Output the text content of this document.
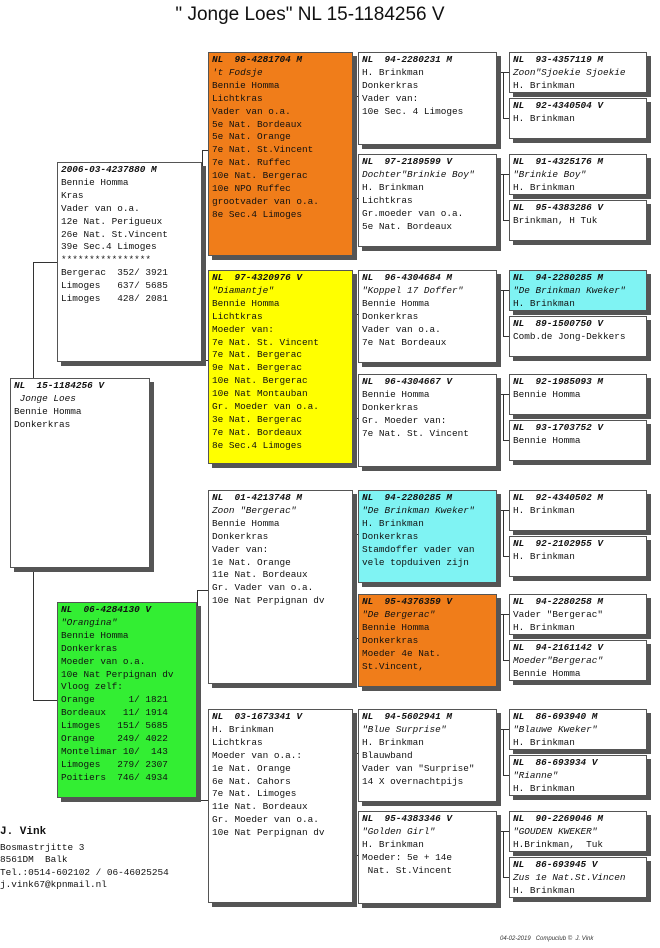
" Jonge Loes" NL 15-1184256 V
NL  15-1184256 V
Jonge Loes
Bennie Homma
Donkerkras
2006-03-4237880 M
Bennie Homma
Kras
Vader van o.a.
12e Nat. Perigueux
26e Nat. St.Vincent
39e Sec.4 Limoges
****************
Bergerac  352/ 3921
Limoges   637/ 5685
Limoges   428/ 2081
NL  06-4284130 V
"Orangina"
Bennie Homma
Donkerkras
Moeder van o.a.
10e Nat Perpignan dv
Vloog zelf:
Orange      1/ 1821
Bordeaux   11/ 1914
Limoges   151/ 5685
Orange    249/ 4022
Montelimar 10/  143
Limoges   279/ 2307
Poitiers  746/ 4934
NL  98-4281704 M
't Fodsje
Bennie Homma
Lichtkras
Vader van o.a.
5e Nat. Bordeaux
5e Nat. Orange
7e Nat. St.Vincent
7e Nat. Ruffec
10e Nat. Bergerac
10e NPO Ruffec
grootvader van o.a.
8e Sec.4 Limoges
NL  97-4320976 V
"Diamantje"
Bennie Homma
Lichtkras
Moeder van:
7e Nat. St. Vincent
7e Nat. Bergerac
9e Nat. Bergerac
10e Nat. Bergerac
10e Nat Montauban
Gr. Moeder van o.a.
3e Nat. Bergerac
7e Nat. Bordeaux
8e Sec.4 Limoges
NL  01-4213748 M
Zoon "Bergerac"
Bennie Homma
Donkerkras
Vader van:
1e Nat. Orange
11e Nat. Bordeaux
Gr. Vader van o.a.
10e Nat Perpignan dv
NL  03-1673341 V
H. Brinkman
Lichtkras
Moeder van o.a.:
1e Nat. Orange
6e Nat. Cahors
7e Nat. Limoges
11e Nat. Bordeaux
Gr. Moeder van o.a.
10e Nat Perpignan dv
NL  94-2280231 M
H. Brinkman
Donkerkras
Vader van:
10e Sec. 4 Limoges
NL  97-2189599 V
Dochter"Brinkie Boy"
H. Brinkman
Lichtkras
Gr.moeder van o.a.
5e Nat. Bordeaux
NL  96-4304684 M
"Koppel 17 Doffer"
Bennie Homma
Donkerkras
Vader van o.a.
7e Nat Bordeaux
NL  96-4304667 V
Bennie Homma
Donkerkras
Gr. Moeder van:
7e Nat. St. Vincent
NL  94-2280285 M
"De Brinkman Kweker"
H. Brinkman
Donkerkras
Stamdoffer vader van
vele topduiven zijn
NL  95-4376359 V
"De Bergerac"
Bennie Homma
Donkerkras
Moeder 4e Nat.
St.Vincent,
NL  94-5602941 M
"Blue Surprise"
H. Brinkman
Blauwband
Vader van "Surprise"
14 X overnachtpijs
NL  95-4383346 V
"Golden Girl"
H. Brinkman
Moeder: 5e + 14e
Nat. St.Vincent
NL  93-4357119 M
Zoon"Sjoekie Sjoekie
H. Brinkman
NL  92-4340504 V
H. Brinkman
NL  91-4325176 M
"Brinkie Boy"
H. Brinkman
NL  95-4383286 V
Brinkman, H Tuk
NL  94-2280285 M
"De Brinkman Kweker"
H. Brinkman
NL  89-1500750 V
Comb.de Jong-Dekkers
NL  92-1985093 M
Bennie Homma
NL  93-1703752 V
Bennie Homma
NL  92-4340502 M
H. Brinkman
NL  92-2102955 V
H. Brinkman
NL  94-2280258 M
Vader "Bergerac"
H. Brinkman
NL  94-2161142 V
Moeder"Bergerac"
Bennie Homma
NL  86-693940 M
"Blauwe Kweker"
H. Brinkman
NL  86-693934 V
"Rianne"
H. Brinkman
NL  90-2269046 M
"GOUDEN KWEKER"
H.Brinkman,  Tuk
NL  86-693945 V
Zus 1e Nat.St.Vincen
H. Brinkman
J. Vink
Bosmastrjitte 3
8561DM  Balk
Tel.:0514-602102 / 06-46025254
j.vink67@kpnmail.nl
04-02-2019   Compuclub ©  J. Vink
